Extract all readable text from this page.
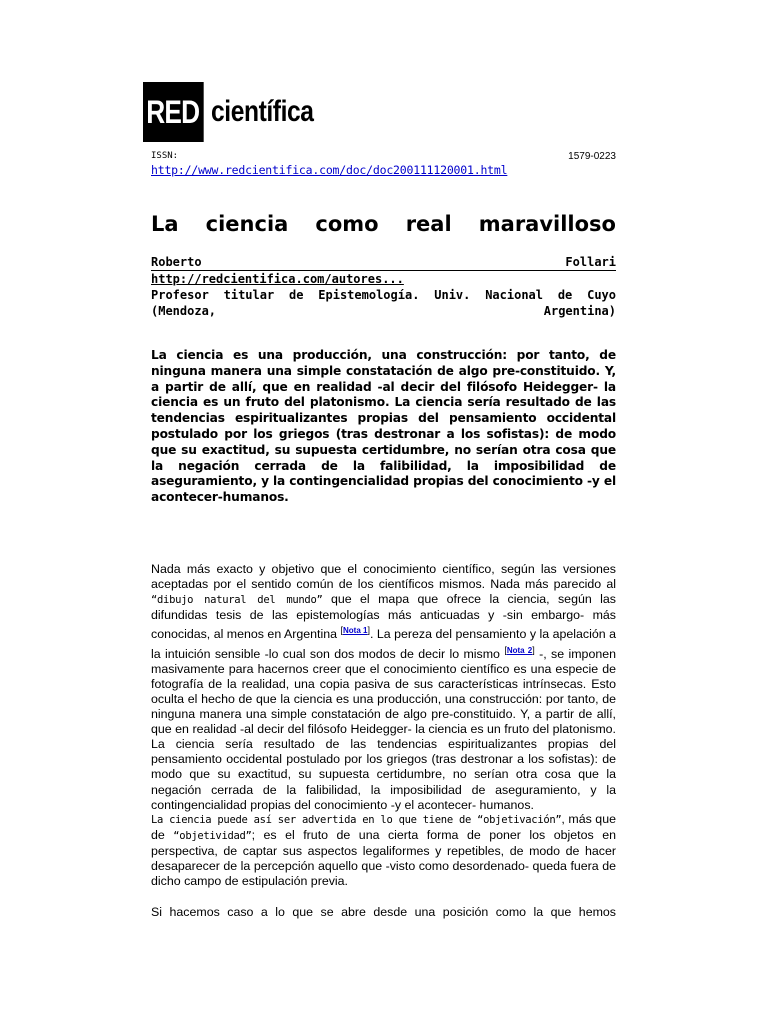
RED científica
ISSN:	1579-0223
http://www.redcientifica.com/doc/doc200111120001.html
La ciencia como real maravilloso
Roberto	Follari
http://redcientifica.com/autores...
Profesor titular de Epistemología. Univ. Nacional de Cuyo
(Mendoza,	Argentina)
La ciencia es una producción, una construcción: por tanto, de ninguna manera una simple constatación de algo pre-constituido. Y, a partir de allí, que en realidad -al decir del filósofo Heidegger- la ciencia es un fruto del platonismo. La ciencia sería resultado de las tendencias espiritualizantes propias del pensamiento occidental postulado por los griegos (tras destronar a los sofistas): de modo que su exactitud, su supuesta certidumbre, no serían otra cosa que la negación cerrada de la falibilidad, la imposibilidad de aseguramiento, y la contingencialidad propias del conocimiento -y el acontecer-humanos.
Nada más exacto y objetivo que el conocimiento científico, según las versiones aceptadas por el sentido común de los científicos mismos. Nada más parecido al “dibujo natural del mundo” que el mapa que ofrece la ciencia, según las difundidas tesis de las epistemologías más anticuadas y -sin embargo- más conocidas, al menos en Argentina [Nota 1]. La pereza del pensamiento y la apelación a la intuición sensible -lo cual son dos modos de decir lo mismo [Nota 2] -, se imponen masivamente para hacernos creer que el conocimiento científico es una especie de fotografía de la realidad, una copia pasiva de sus características intrínsecas. Esto oculta el hecho de que la ciencia es una producción, una construcción: por tanto, de ninguna manera una simple constatación de algo pre-constituido. Y, a partir de allí, que en realidad -al decir del filósofo Heidegger- la ciencia es un fruto del platonismo. La ciencia sería resultado de las tendencias espiritualizantes propias del pensamiento occidental postulado por los griegos (tras destronar a los sofistas): de modo que su exactitud, su supuesta certidumbre, no serían otra cosa que la negación cerrada de la falibilidad, la imposibilidad de aseguramiento, y la contingencialidad propias del conocimiento -y el acontecer- humanos.
La ciencia puede así ser advertida en lo que tiene de “objetivación”, más que de “objetividad”; es el fruto de una cierta forma de poner los objetos en perspectiva, de captar sus aspectos legaliformes y repetibles, de modo de hacer desaparecer de la percepción aquello que -visto como desordenado- queda fuera de dicho campo de estipulación previa.
Si hacemos caso a lo que se abre desde una posición como la que hemos
